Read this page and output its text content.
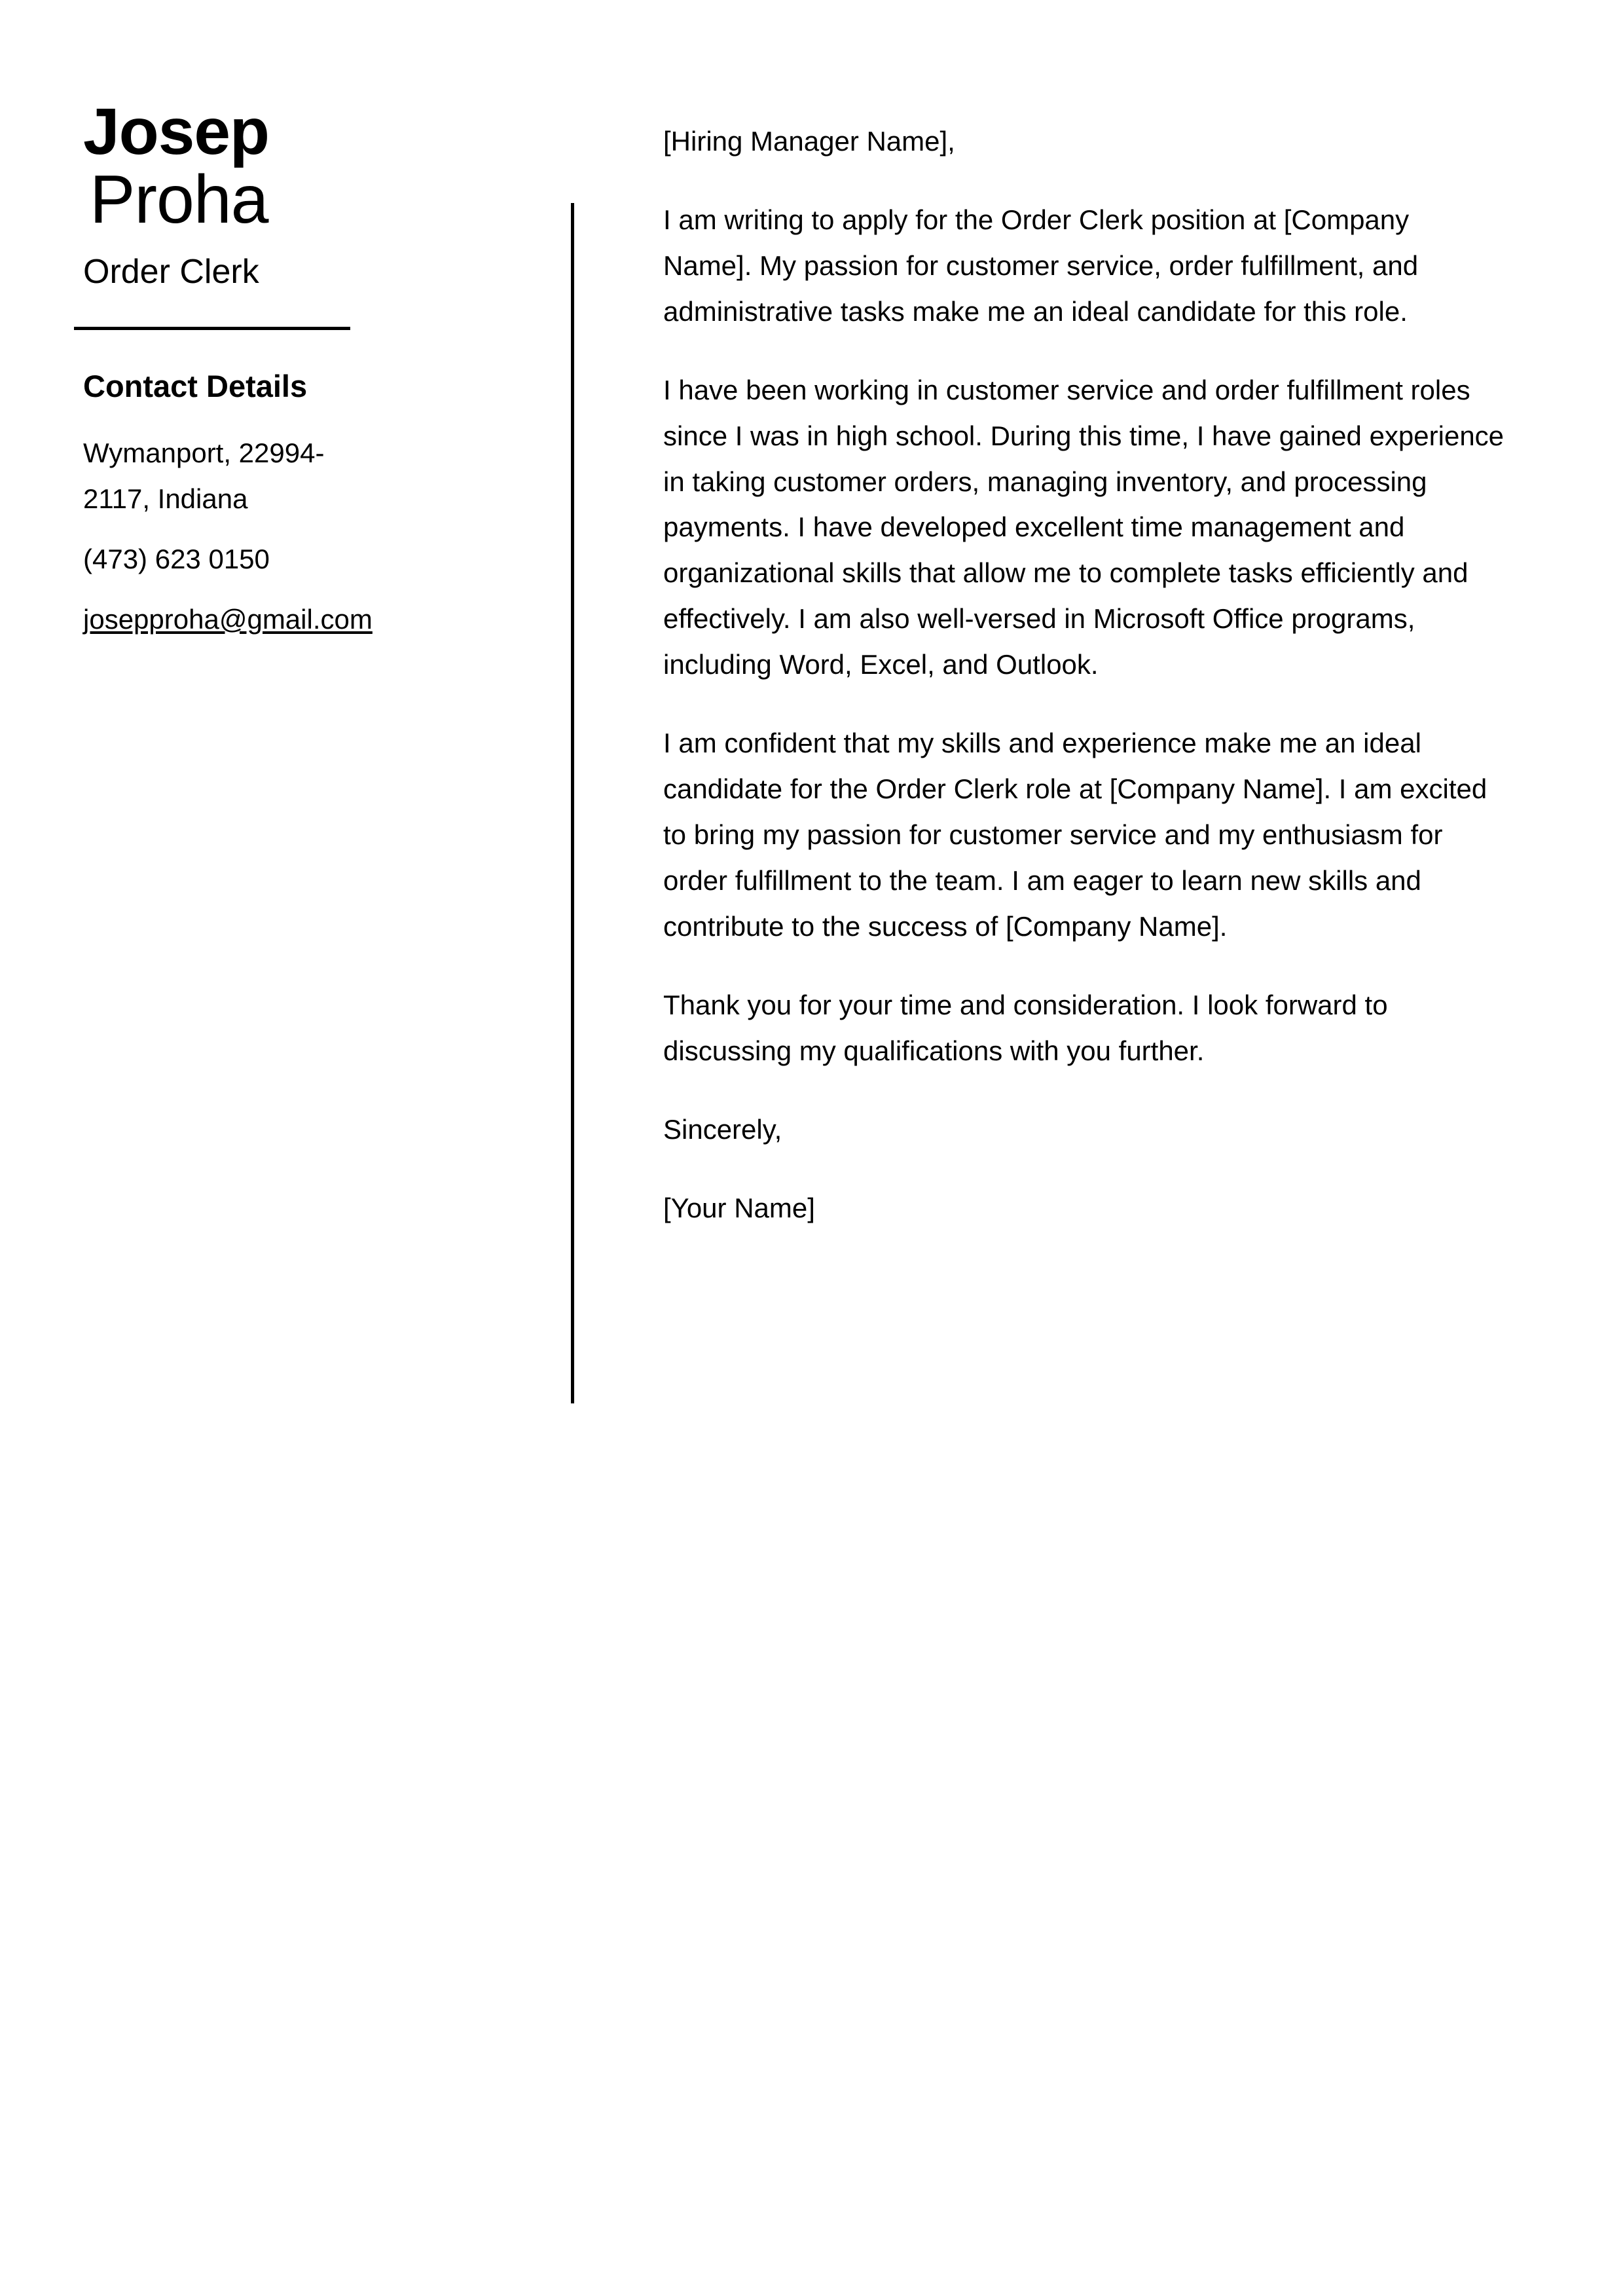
Josep
Proha
Order Clerk
Contact Details
Wymanport, 22994-2117, Indiana
(473) 623 0150
josepproha@gmail.com

[Hiring Manager Name],

I am writing to apply for the Order Clerk position at [Company Name]. My passion for customer service, order fulfillment, and administrative tasks make me an ideal candidate for this role.

I have been working in customer service and order fulfillment roles since I was in high school. During this time, I have gained experience in taking customer orders, managing inventory, and processing payments. I have developed excellent time management and organizational skills that allow me to complete tasks efficiently and effectively. I am also well-versed in Microsoft Office programs, including Word, Excel, and Outlook.

I am confident that my skills and experience make me an ideal candidate for the Order Clerk role at [Company Name]. I am excited to bring my passion for customer service and my enthusiasm for order fulfillment to the team. I am eager to learn new skills and contribute to the success of [Company Name].

Thank you for your time and consideration. I look forward to discussing my qualifications with you further.

Sincerely,

[Your Name]
